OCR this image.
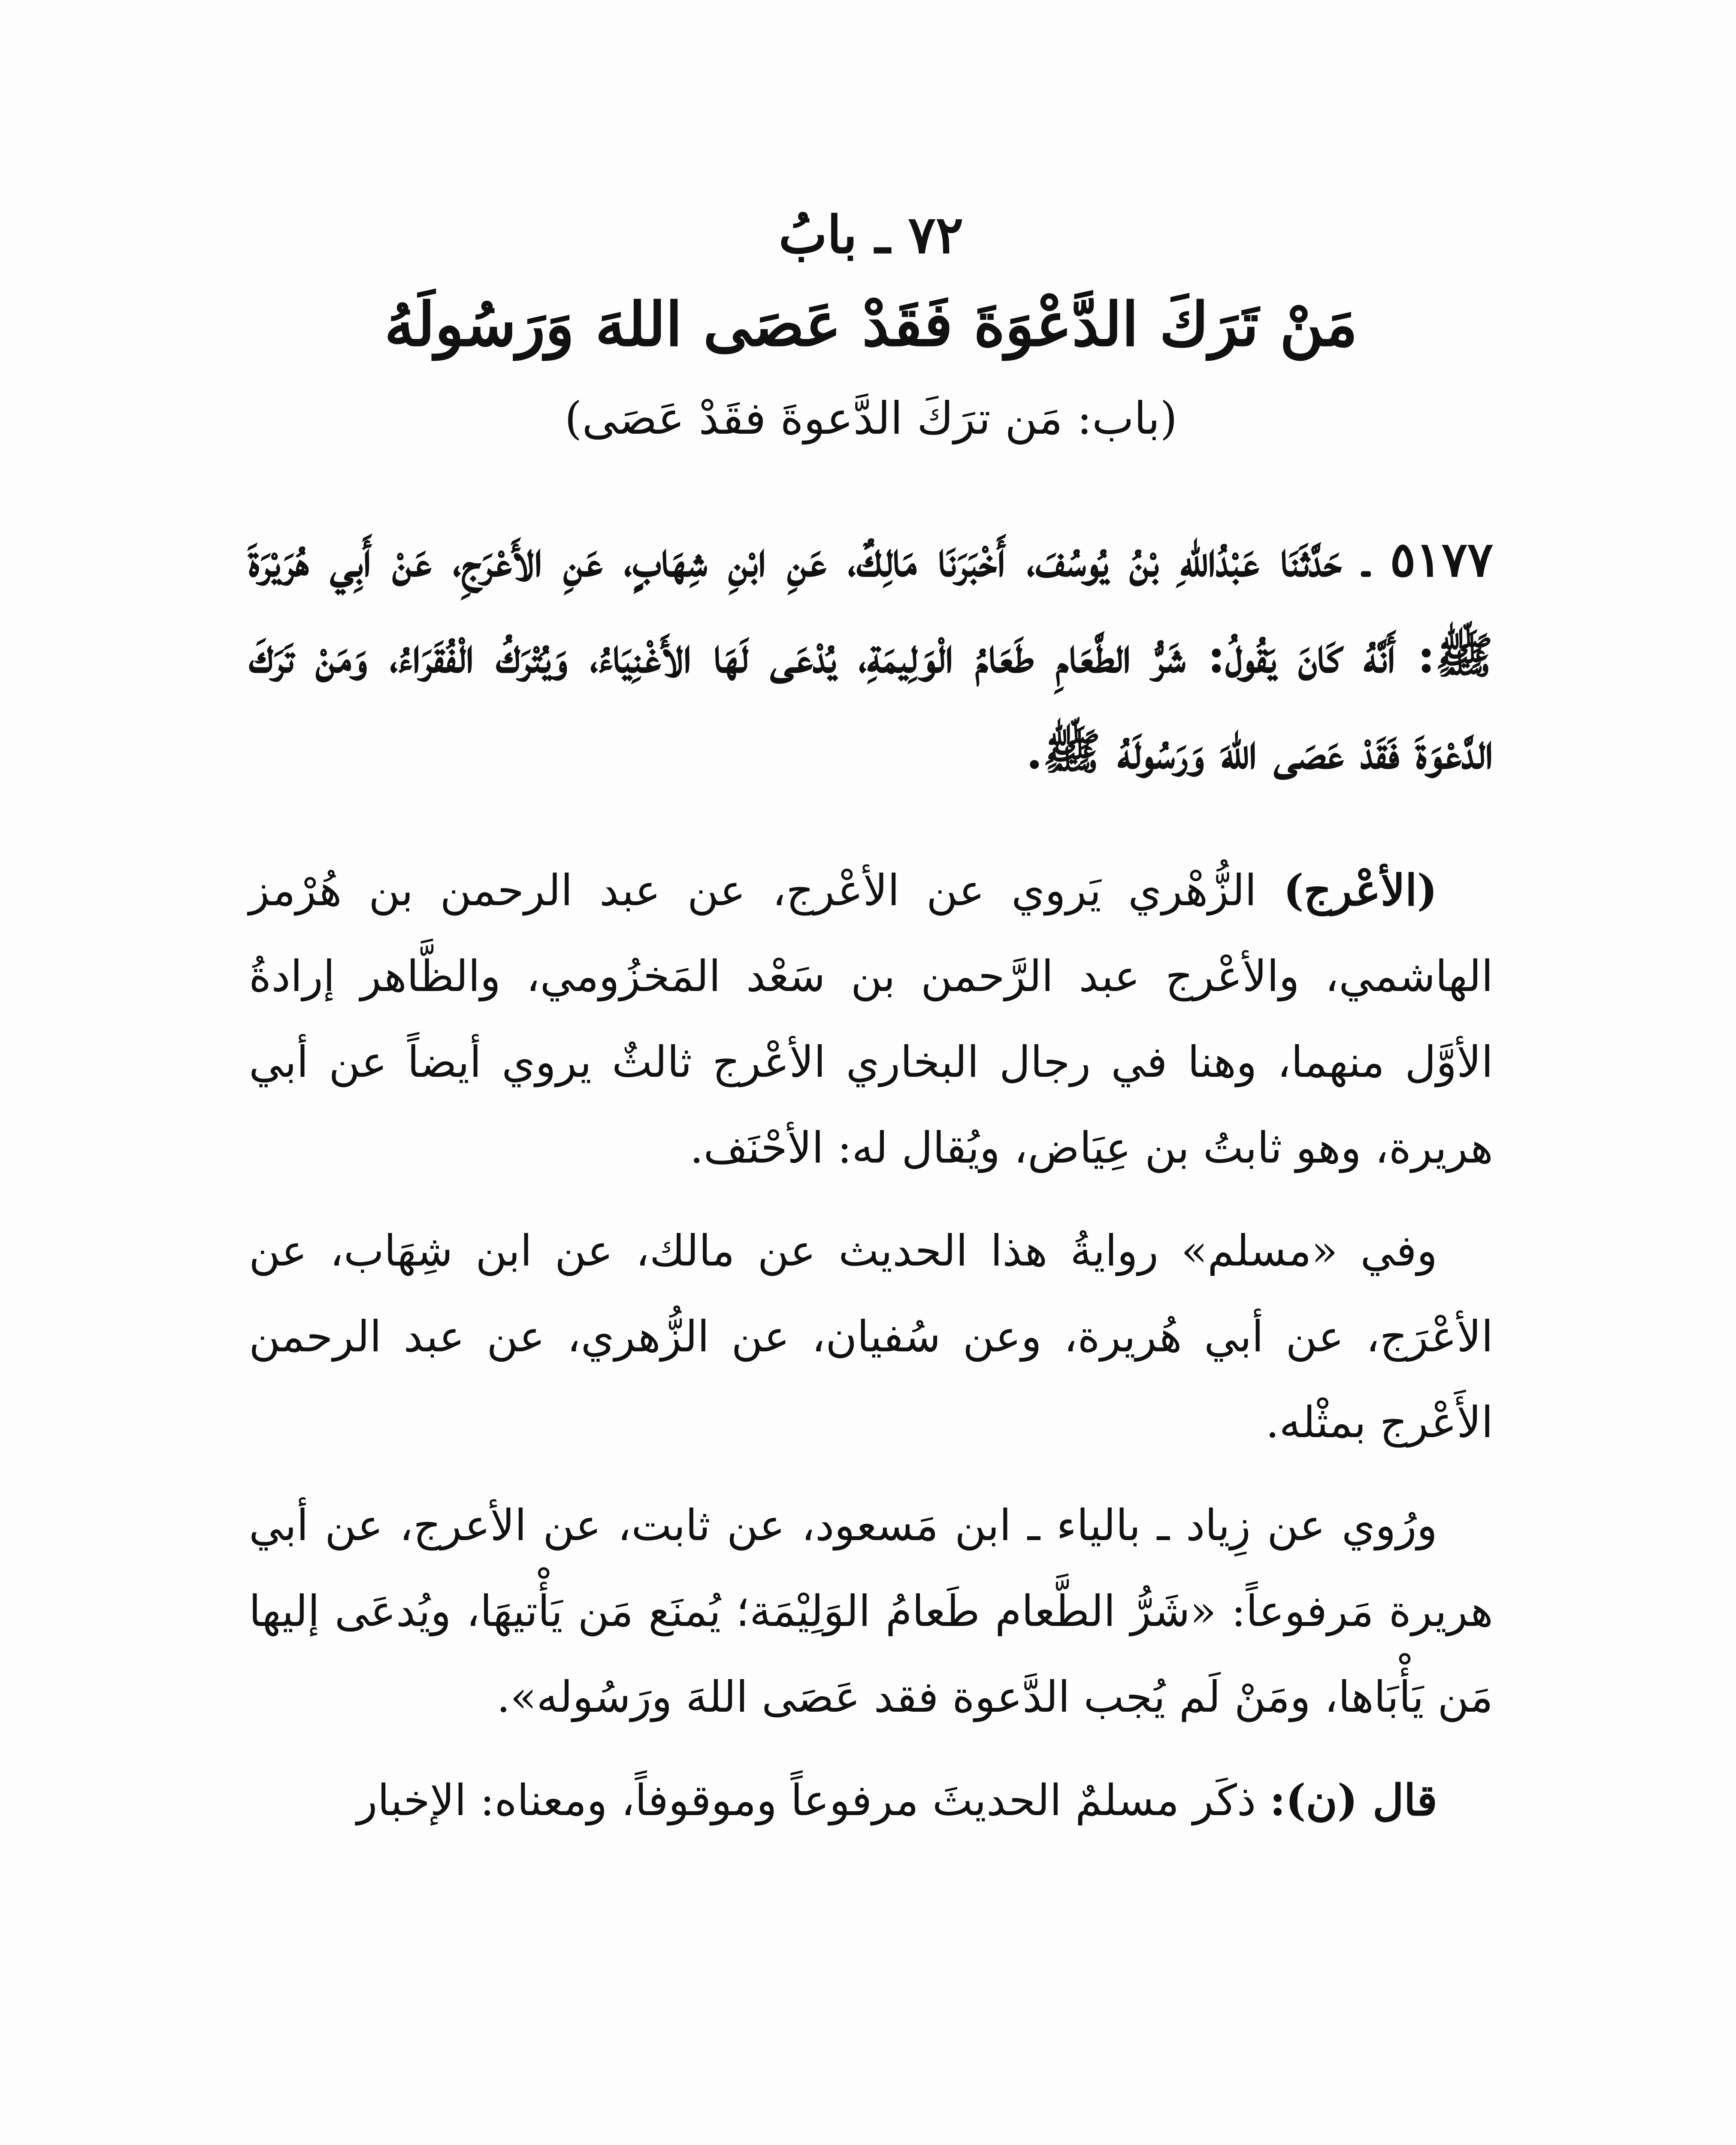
٧٢ ـ بابُ
مَنْ تَرَكَ الدَّعْوَةَ فَقَدْ عَصَى اللهَ وَرَسُولَهُ
(باب: مَن ترَكَ الدَّعوةَ فقَدْ عَصَى)
٥١٧٧ ـ حَدَّثَنَا عَبْدُاللهِ بْنُ يُوسُفَ، أَخْبَرَنَا مَالِكٌ، عَنِ ابْنِ شِهَابٍ، عَنِ الأَعْرَجِ، عَنْ أَبِي هُرَيْرَةَ ﷺ: أَنَّهُ كَانَ يَقُولُ: شَرُّ الطَّعَامِ طَعَامُ الْوَلِيمَةِ، يُدْعَى لَهَا الأَغْنِيَاءُ، وَيُتْرَكُ الْفُقَرَاءُ، وَمَنْ تَرَكَ الدَّعْوَةَ فَقَدْ عَصَى اللهَ وَرَسُولَهُ ﷺ.

(الأعْرج) الزُّهْري يَروي عن الأعْرج، عن عبد الرحمن بن هُرْمز الهاشمي، والأعْرج عبد الرَّحمن بن سَعْد المَخزُومي، والظَّاهر إرادةُ الأوَّل منهما، وهنا في رجال البخاري الأعْرج ثالثٌ يروي أيضاً عن أبي هريرة، وهو ثابتُ بن عِيَاض، ويُقال له: الأحْنَف.

وفي «مسلم» روايةُ هذا الحديث عن مالك، عن ابن شِهَاب، عن الأعْرَج، عن أبي هُريرة، وعن سُفيان، عن الزُّهري، عن عبد الرحمن الأَعْرج بمثْله.

ورُوي عن زِياد ـ بالياء ـ ابن مَسعود، عن ثابت، عن الأعرج، عن أبي هريرة مَرفوعاً: «شَرُّ الطَّعام طَعامُ الوَلِيْمَة؛ يُمنَع مَن يَأْتيهَا، ويُدعَى إليها مَن يَأْبَاها، ومَنْ لَم يُجب الدَّعوة فقد عَصَى اللهَ ورَسُوله».

قال (ن): ذكَر مسلمٌ الحديثَ مرفوعاً وموقوفاً، ومعناه: الإخبار
